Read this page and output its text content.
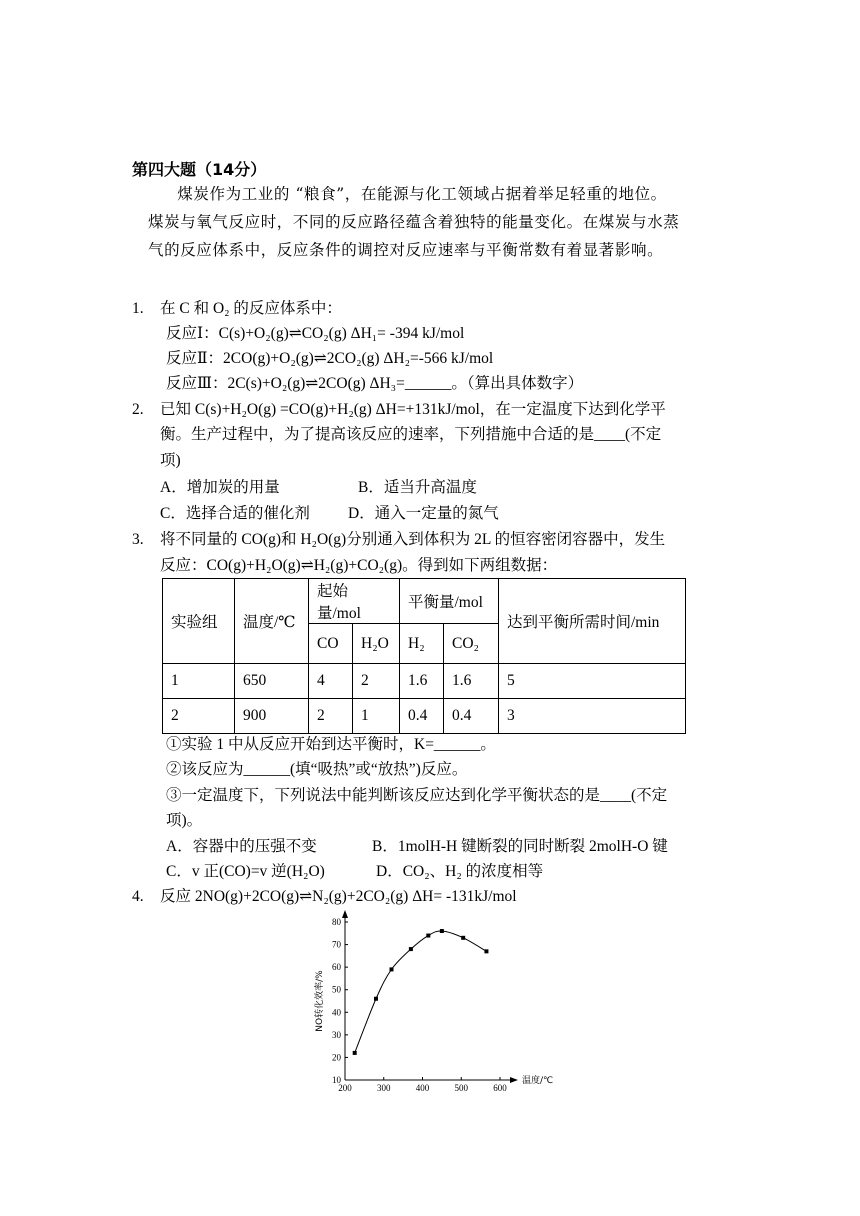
第四大题（14分）

煤炭作为工业的 “粮食”，在能源与化工领域占据着举足轻重的地位。

煤炭与氧气反应时，不同的反应路径蕴含着独特的能量变化。在煤炭与水蒸

气的反应体系中，反应条件的调控对反应速率与平衡常数有着显著影响。

1. 在 C 和 O₂ 的反应体系中：
反应Ⅰ：C(s)+O₂(g)⇌CO₂(g) ΔH₁= -394 kJ/mol
反应Ⅱ：2CO(g)+O₂(g)⇌2CO₂(g) ΔH₂=-566 kJ/mol
反应Ⅲ：2C(s)+O₂(g)⇌2CO(g) ΔH₃=______。（算出具体数字）
2. 已知 C(s)+H₂O(g) =CO(g)+H₂(g) ΔH=+131kJ/mol，在一定温度下达到化学平
衡。生产过程中，为了提高该反应的速率，下列措施中合适的是____(不定
项)
A．增加炭的用量	B．适当升高温度
C．选择合适的催化剂 D．通入一定量的氮气
3. 将不同量的 CO(g)和 H₂O(g)分别通入到体积为 2L 的恒容密闭容器中，发生
反应：CO(g)+H₂O(g)⇌H₂(g)+CO₂(g)。得到如下两组数据：
实验组	温度/℃	起始量/mol		平衡量/mol		达到平衡所需时间/min
		CO	H₂O	H₂	CO₂	
1	650	4	2	1.6	1.6	5
2	900	2	1	0.4	0.4	3
①实验 1 中从反应开始到达平衡时，K=______。
②该反应为______(填“吸热”或“放热”)反应。
③一定温度下，下列说法中能判断该反应达到化学平衡状态的是____(不定
项)。
A．容器中的压强不变	B．1molH-H 键断裂的同时断裂 2molH-O 键
C．v 正(CO)=v 逆(H₂O)	D．CO₂、H₂ 的浓度相等
4. 反应 2NO(g)+2CO(g)⇌N₂(g)+2CO₂(g) ΔH= -131kJ/mol
200	300	400	500	600
10
20
30
40
50
60
70
80
温度/℃
NO转化效率/%
